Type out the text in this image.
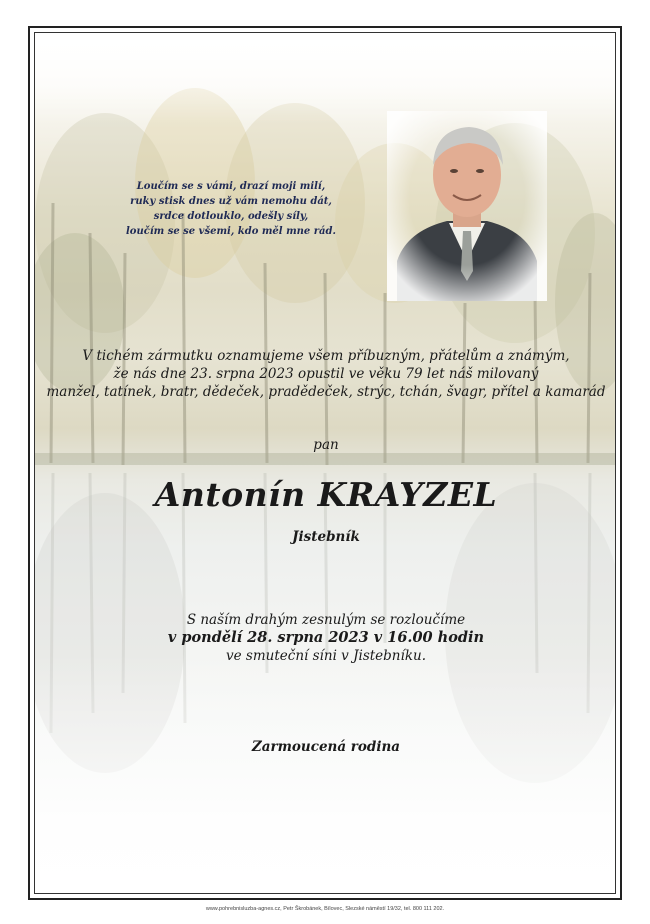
Loučím se s vámi, drazí moji milí,
ruky stisk dnes už vám nemohu dát,
srdce dotlouklo, odešly síly,
loučím se se všemi, kdo měl mne rád.
V tichém zármutku oznamujeme všem příbuzným, přátelům a známým,
že nás dne 23. srpna 2023 opustil ve věku 79 let náš milovaný
manžel, tatínek, bratr, dědeček, pradědeček, strýc, tchán, švagr, přítel a kamarád
pan
Antonín KRAYZEL
Jistebník
S naším drahým zesnulým se rozloučíme
v pondělí 28. srpna 2023 v 16.00 hodin
ve smuteční síni v Jistebníku.
Zarmoucená rodina
www.pohrebnisluzba-agnes.cz, Petr Škrobánek, Bílovec, Slezské náměstí 19/32, tel. 800 111 202.
